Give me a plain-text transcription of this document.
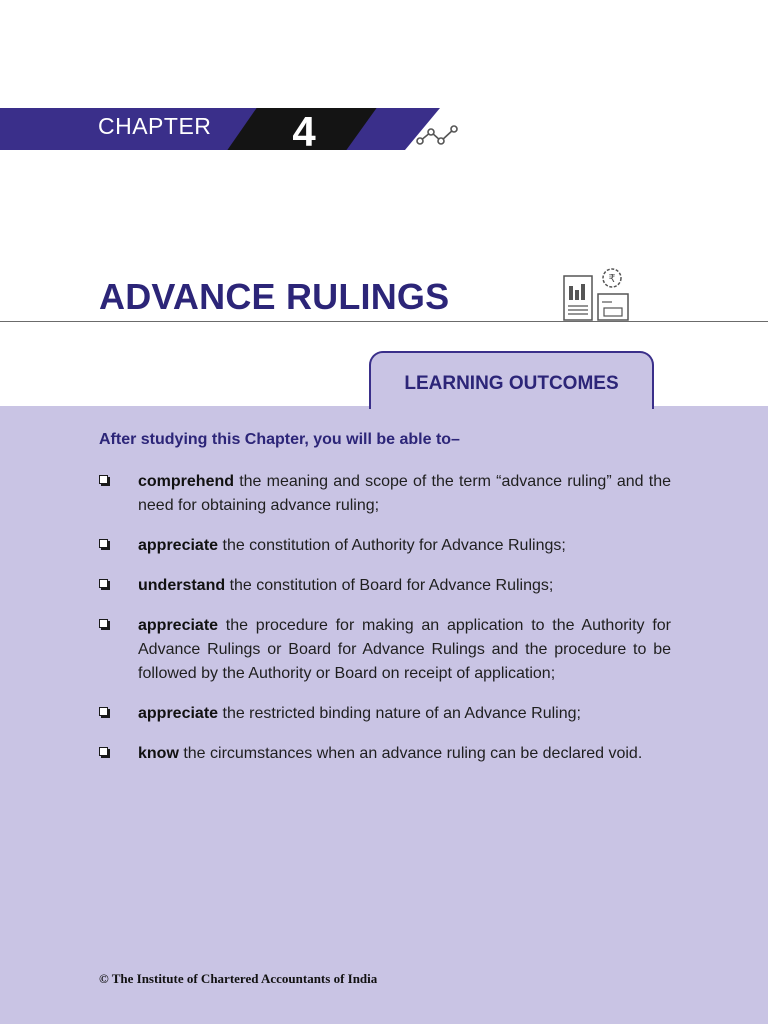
CHAPTER 4
ADVANCE RULINGS	₹
LEARNING OUTCOMES
After studying this Chapter, you will be able to–
comprehend the meaning and scope of the term “advance ruling” and the need for obtaining advance ruling;
appreciate the constitution of Authority for Advance Rulings;
understand the constitution of Board for Advance Rulings;
appreciate the procedure for making an application to the Authority for Advance Rulings or Board for Advance Rulings and the procedure to be followed by the Authority or Board on receipt of application;
appreciate the restricted binding nature of an Advance Ruling;
know the circumstances when an advance ruling can be declared void.
© The Institute of Chartered Accountants of India
